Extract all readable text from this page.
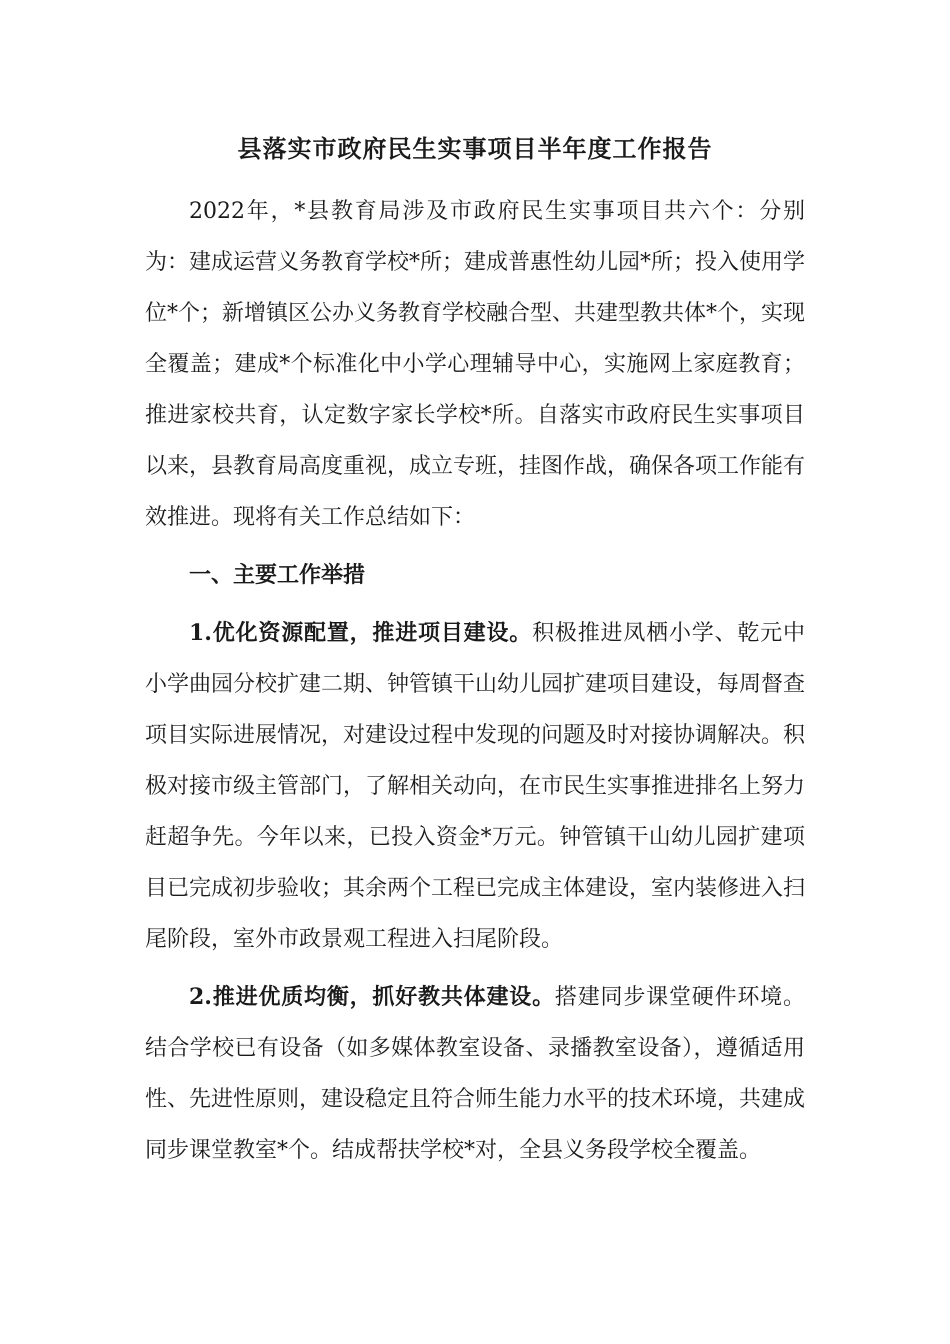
县落实市政府民生实事项目半年度工作报告

2022年，*县教育局涉及市政府民生实事项目共六个：分别为：建成运营义务教育学校*所；建成普惠性幼儿园*所；投入使用学位*个；新增镇区公办义务教育学校融合型、共建型教共体*个，实现全覆盖；建成*个标准化中小学心理辅导中心，实施网上家庭教育；推进家校共育，认定数字家长学校*所。自落实市政府民生实事项目以来，县教育局高度重视，成立专班，挂图作战，确保各项工作能有效推进。现将有关工作总结如下：

一、主要工作举措

1.优化资源配置，推进项目建设。积极推进凤栖小学、乾元中小学曲园分校扩建二期、钟管镇干山幼儿园扩建项目建设，每周督查项目实际进展情况，对建设过程中发现的问题及时对接协调解决。积极对接市级主管部门，了解相关动向，在市民生实事推进排名上努力赶超争先。今年以来，已投入资金*万元。钟管镇干山幼儿园扩建项目已完成初步验收；其余两个工程已完成主体建设，室内装修进入扫尾阶段，室外市政景观工程进入扫尾阶段。

2.推进优质均衡，抓好教共体建设。搭建同步课堂硬件环境。结合学校已有设备（如多媒体教室设备、录播教室设备），遵循适用性、先进性原则，建设稳定且符合师生能力水平的技术环境，共建成同步课堂教室*个。结成帮扶学校*对，全县义务段学校全覆盖。
